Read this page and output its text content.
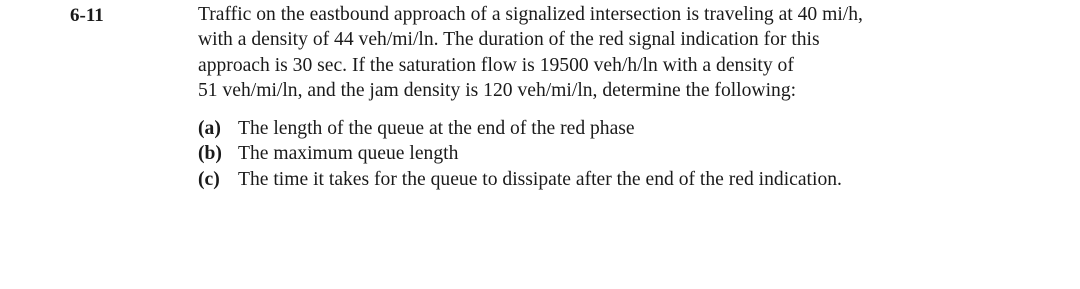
6-11	Traffic on the eastbound approach of a signalized intersection is traveling at 40 mi/h,
with a density of 44 veh/mi/ln. The duration of the red signal indication for this
approach is 30 sec. If the saturation flow is 19500 veh/h/ln with a density of
51 veh/mi/ln, and the jam density is 120 veh/mi/ln, determine the following:

(a) The length of the queue at the end of the red phase
(b) The maximum queue length
(c) The time it takes for the queue to dissipate after the end of the red indication.
